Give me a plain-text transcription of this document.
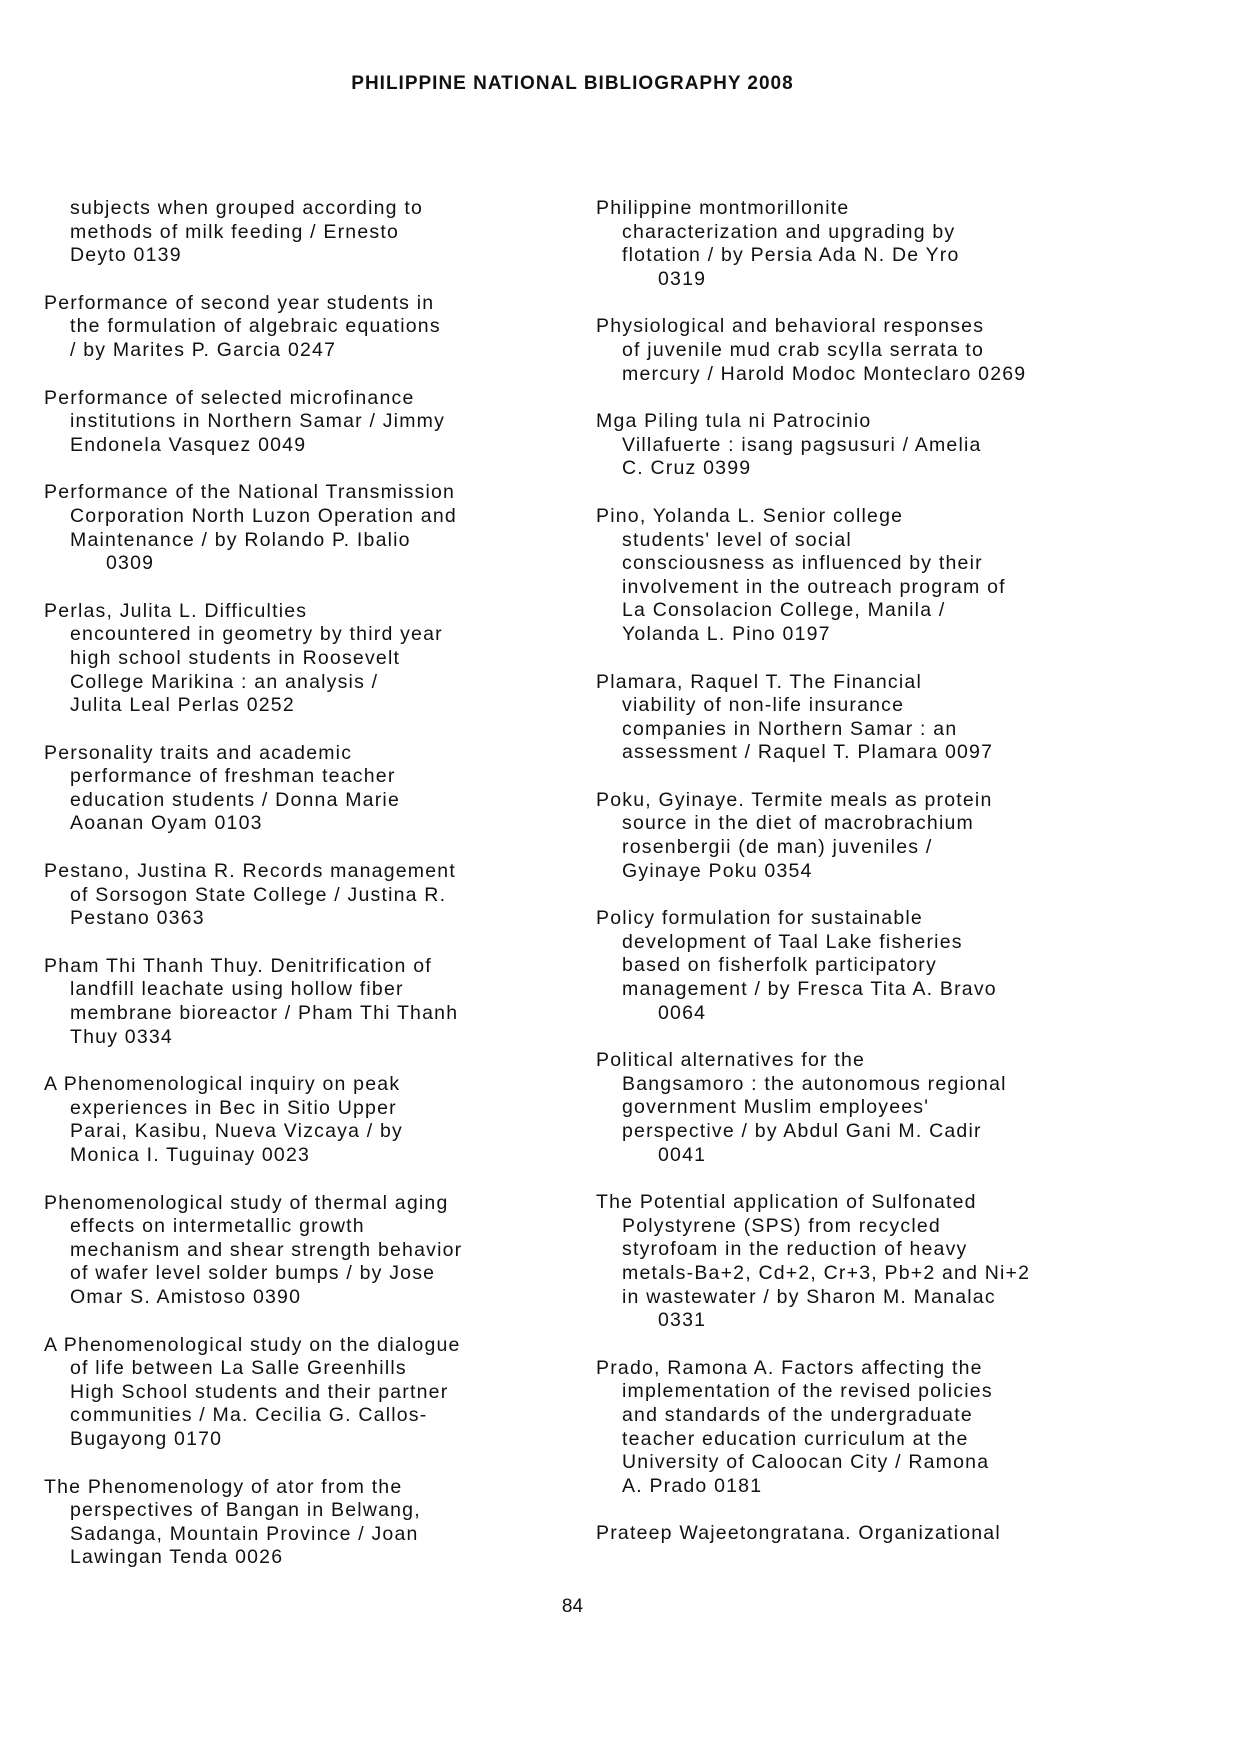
PHILIPPINE NATIONAL BIBLIOGRAPHY 2008
subjects when grouped according to
methods of milk feeding / Ernesto
Deyto 0139
Performance of second year students in
the formulation of algebraic equations
/ by Marites P. Garcia 0247
Performance of selected microfinance
institutions in Northern Samar / Jimmy
Endonela Vasquez 0049
Performance of the National Transmission
Corporation North Luzon Operation and
Maintenance / by Rolando P. Ibalio
0309
Perlas, Julita L. Difficulties
encountered in geometry by third year
high school students in Roosevelt
College Marikina : an analysis /
Julita Leal Perlas 0252
Personality traits and academic
performance of freshman teacher
education students / Donna Marie
Aoanan Oyam 0103
Pestano, Justina R. Records management
of Sorsogon State College / Justina R.
Pestano 0363
Pham Thi Thanh Thuy. Denitrification of
landfill leachate using hollow fiber
membrane bioreactor / Pham Thi Thanh
Thuy 0334
A Phenomenological inquiry on peak
experiences in Bec in Sitio Upper
Parai, Kasibu, Nueva Vizcaya / by
Monica I. Tuguinay 0023
Phenomenological study of thermal aging
effects on intermetallic growth
mechanism and shear strength behavior
of wafer level solder bumps / by Jose
Omar S. Amistoso 0390
A Phenomenological study on the dialogue
of life between La Salle Greenhills
High School students and their partner
communities / Ma. Cecilia G. Callos-
Bugayong 0170
The Phenomenology of ator from the
perspectives of Bangan in Belwang,
Sadanga, Mountain Province / Joan
Lawingan Tenda 0026
Philippine montmorillonite
characterization and upgrading by
flotation / by Persia Ada N. De Yro
0319
Physiological and behavioral responses
of juvenile mud crab scylla serrata to
mercury / Harold Modoc Monteclaro 0269
Mga Piling tula ni Patrocinio
Villafuerte : isang pagsusuri / Amelia
C. Cruz 0399
Pino, Yolanda L. Senior college
students' level of social
consciousness as influenced by their
involvement in the outreach program of
La Consolacion College, Manila /
Yolanda L. Pino 0197
Plamara, Raquel T. The Financial
viability of non-life insurance
companies in Northern Samar : an
assessment / Raquel T. Plamara 0097
Poku, Gyinaye. Termite meals as protein
source in the diet of macrobrachium
rosenbergii (de man) juveniles /
Gyinaye Poku 0354
Policy formulation for sustainable
development of Taal Lake fisheries
based on fisherfolk participatory
management / by Fresca Tita A. Bravo
0064
Political alternatives for the
Bangsamoro : the autonomous regional
government Muslim employees'
perspective / by Abdul Gani M. Cadir
0041
The Potential application of Sulfonated
Polystyrene (SPS) from recycled
styrofoam in the reduction of heavy
metals-Ba+2, Cd+2, Cr+3, Pb+2 and Ni+2
in wastewater / by Sharon M. Manalac
0331
Prado, Ramona A. Factors affecting the
implementation of the revised policies
and standards of the undergraduate
teacher education curriculum at the
University of Caloocan City / Ramona
A. Prado 0181
Prateep Wajeetongratana. Organizational
84
